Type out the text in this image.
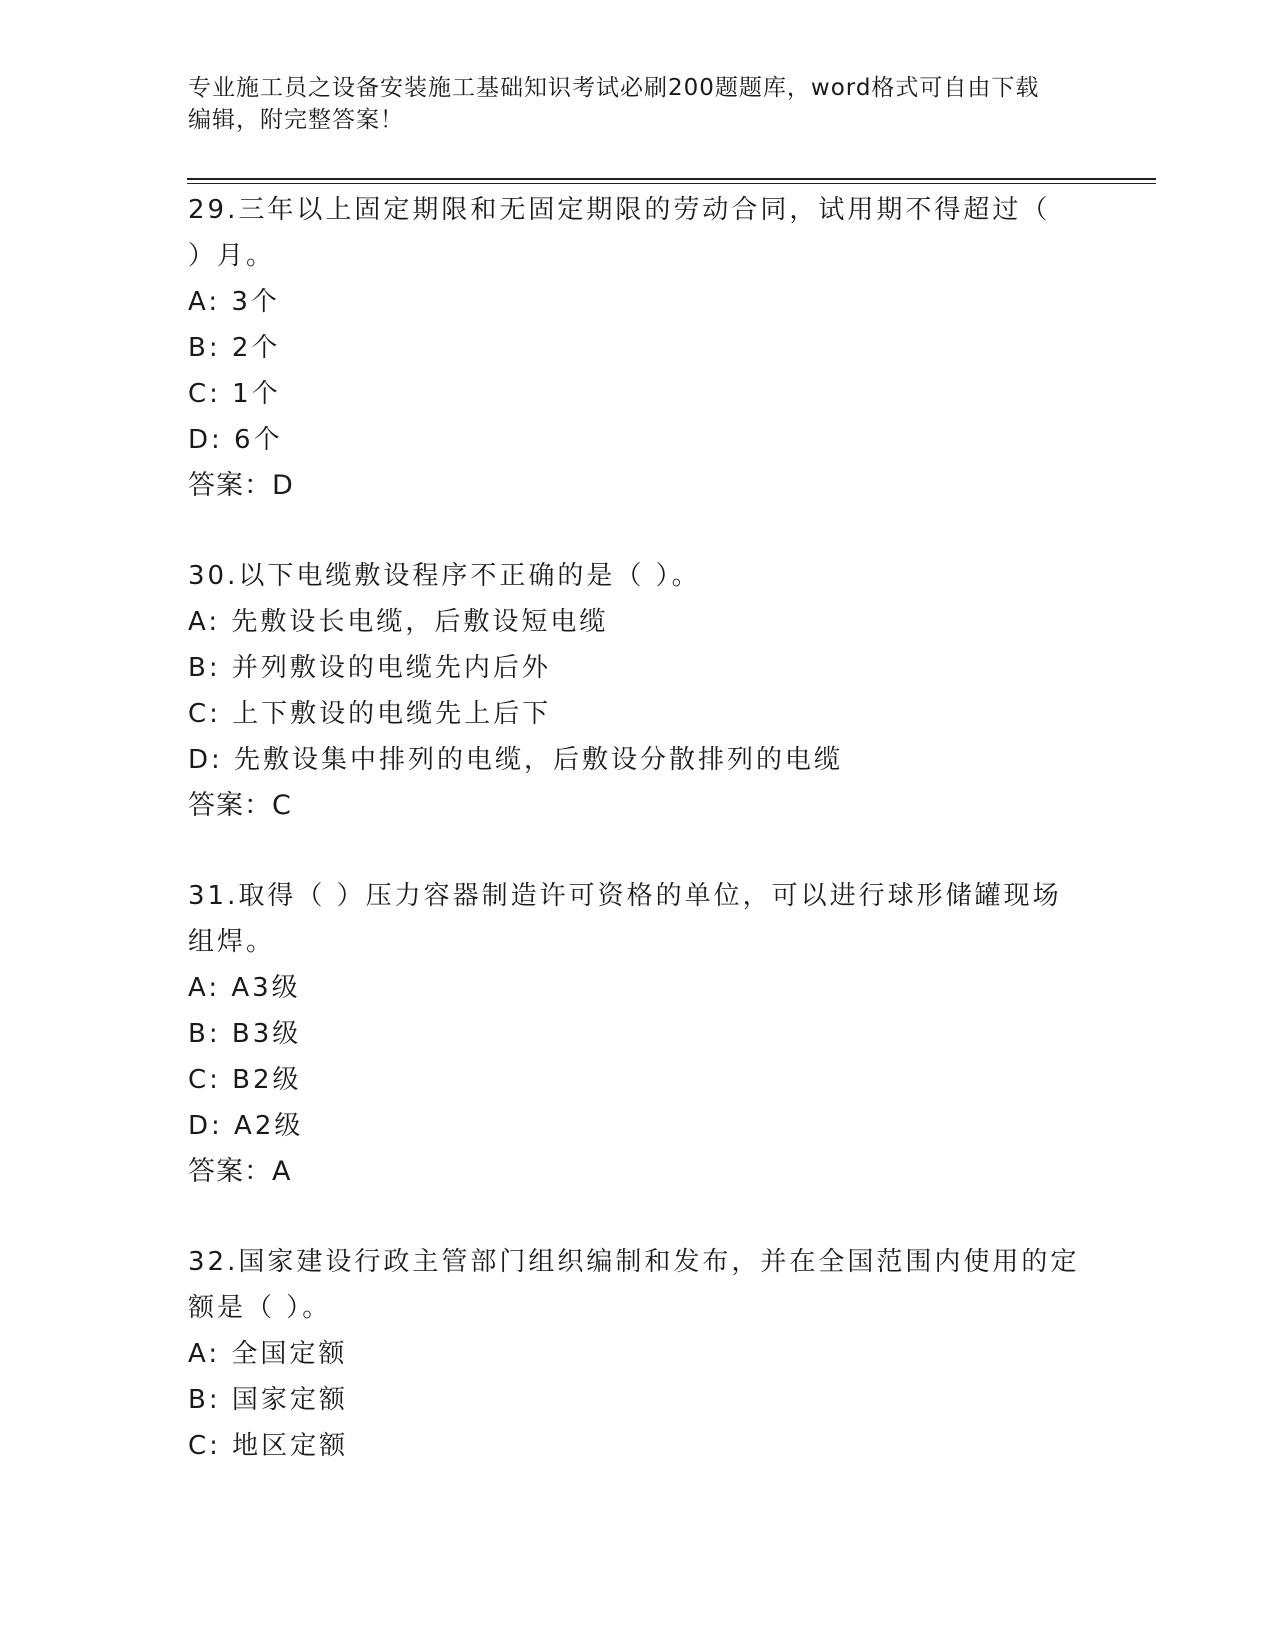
专业施工员之设备安装施工基础知识考试必刷200题题库，word格式可自由下载
编辑，附完整答案！

29.三年以上固定期限和无固定期限的劳动合同，试用期不得超过（

）月。

A: 3个

B: 2个

C: 1个

D: 6个

答案：D

30.以下电缆敷设程序不正确的是（ ）。

A: 先敷设长电缆，后敷设短电缆

B: 并列敷设的电缆先内后外

C: 上下敷设的电缆先上后下

D: 先敷设集中排列的电缆，后敷设分散排列的电缆

答案：C

31.取得（ ）压力容器制造许可资格的单位，可以进行球形储罐现场

组焊。

A: A3级

B: B3级

C: B2级

D: A2级

答案：A

32.国家建设行政主管部门组织编制和发布，并在全国范围内使用的定

额是（ ）。

A: 全国定额

B: 国家定额

C: 地区定额
